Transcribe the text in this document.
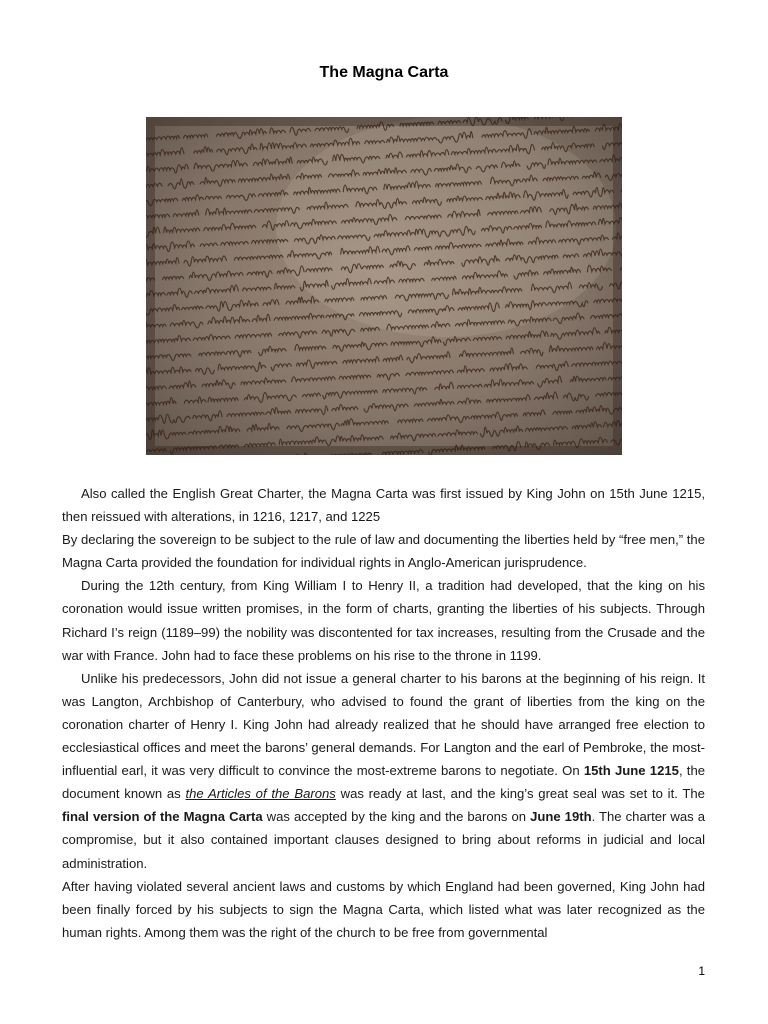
The Magna Carta

Also called the English Great Charter, the Magna Carta was first issued by King John on 15th June 1215, then reissued with alterations, in 1216, 1217, and 1225

By declaring the sovereign to be subject to the rule of law and documenting the liberties held by “free men,” the Magna Carta provided the foundation for individual rights in Anglo-American jurisprudence.

During the 12th century, from King William I to Henry II, a tradition had developed, that the king on his coronation would issue written promises, in the form of charts, granting the liberties of his subjects. Through Richard I’s reign (1189–99) the nobility was discontented for tax increases, resulting from the Crusade and the war with France. John had to face these problems on his rise to the throne in 1199.

Unlike his predecessors, John did not issue a general charter to his barons at the beginning of his reign. It was Langton, Archbishop of Canterbury, who advised to found the grant of liberties from the king on the coronation charter of Henry I. King John had already realized that he should have arranged free election to ecclesiastical offices and meet the barons’ general demands. For Langton and the earl of Pembroke, the most-influential earl, it was very difficult to convince the most-extreme barons to negotiate. On 15th June 1215, the document known as the Articles of the Barons was ready at last, and the king’s great seal was set to it. The final version of the Magna Carta was accepted by the king and the barons on June 19th. The charter was a compromise, but it also contained important clauses designed to bring about reforms in judicial and local administration.

After having violated several ancient laws and customs by which England had been governed, King John had been finally forced by his subjects to sign the Magna Carta, which listed what was later recognized as the human rights. Among them was the right of the church to be free from governmental

1
